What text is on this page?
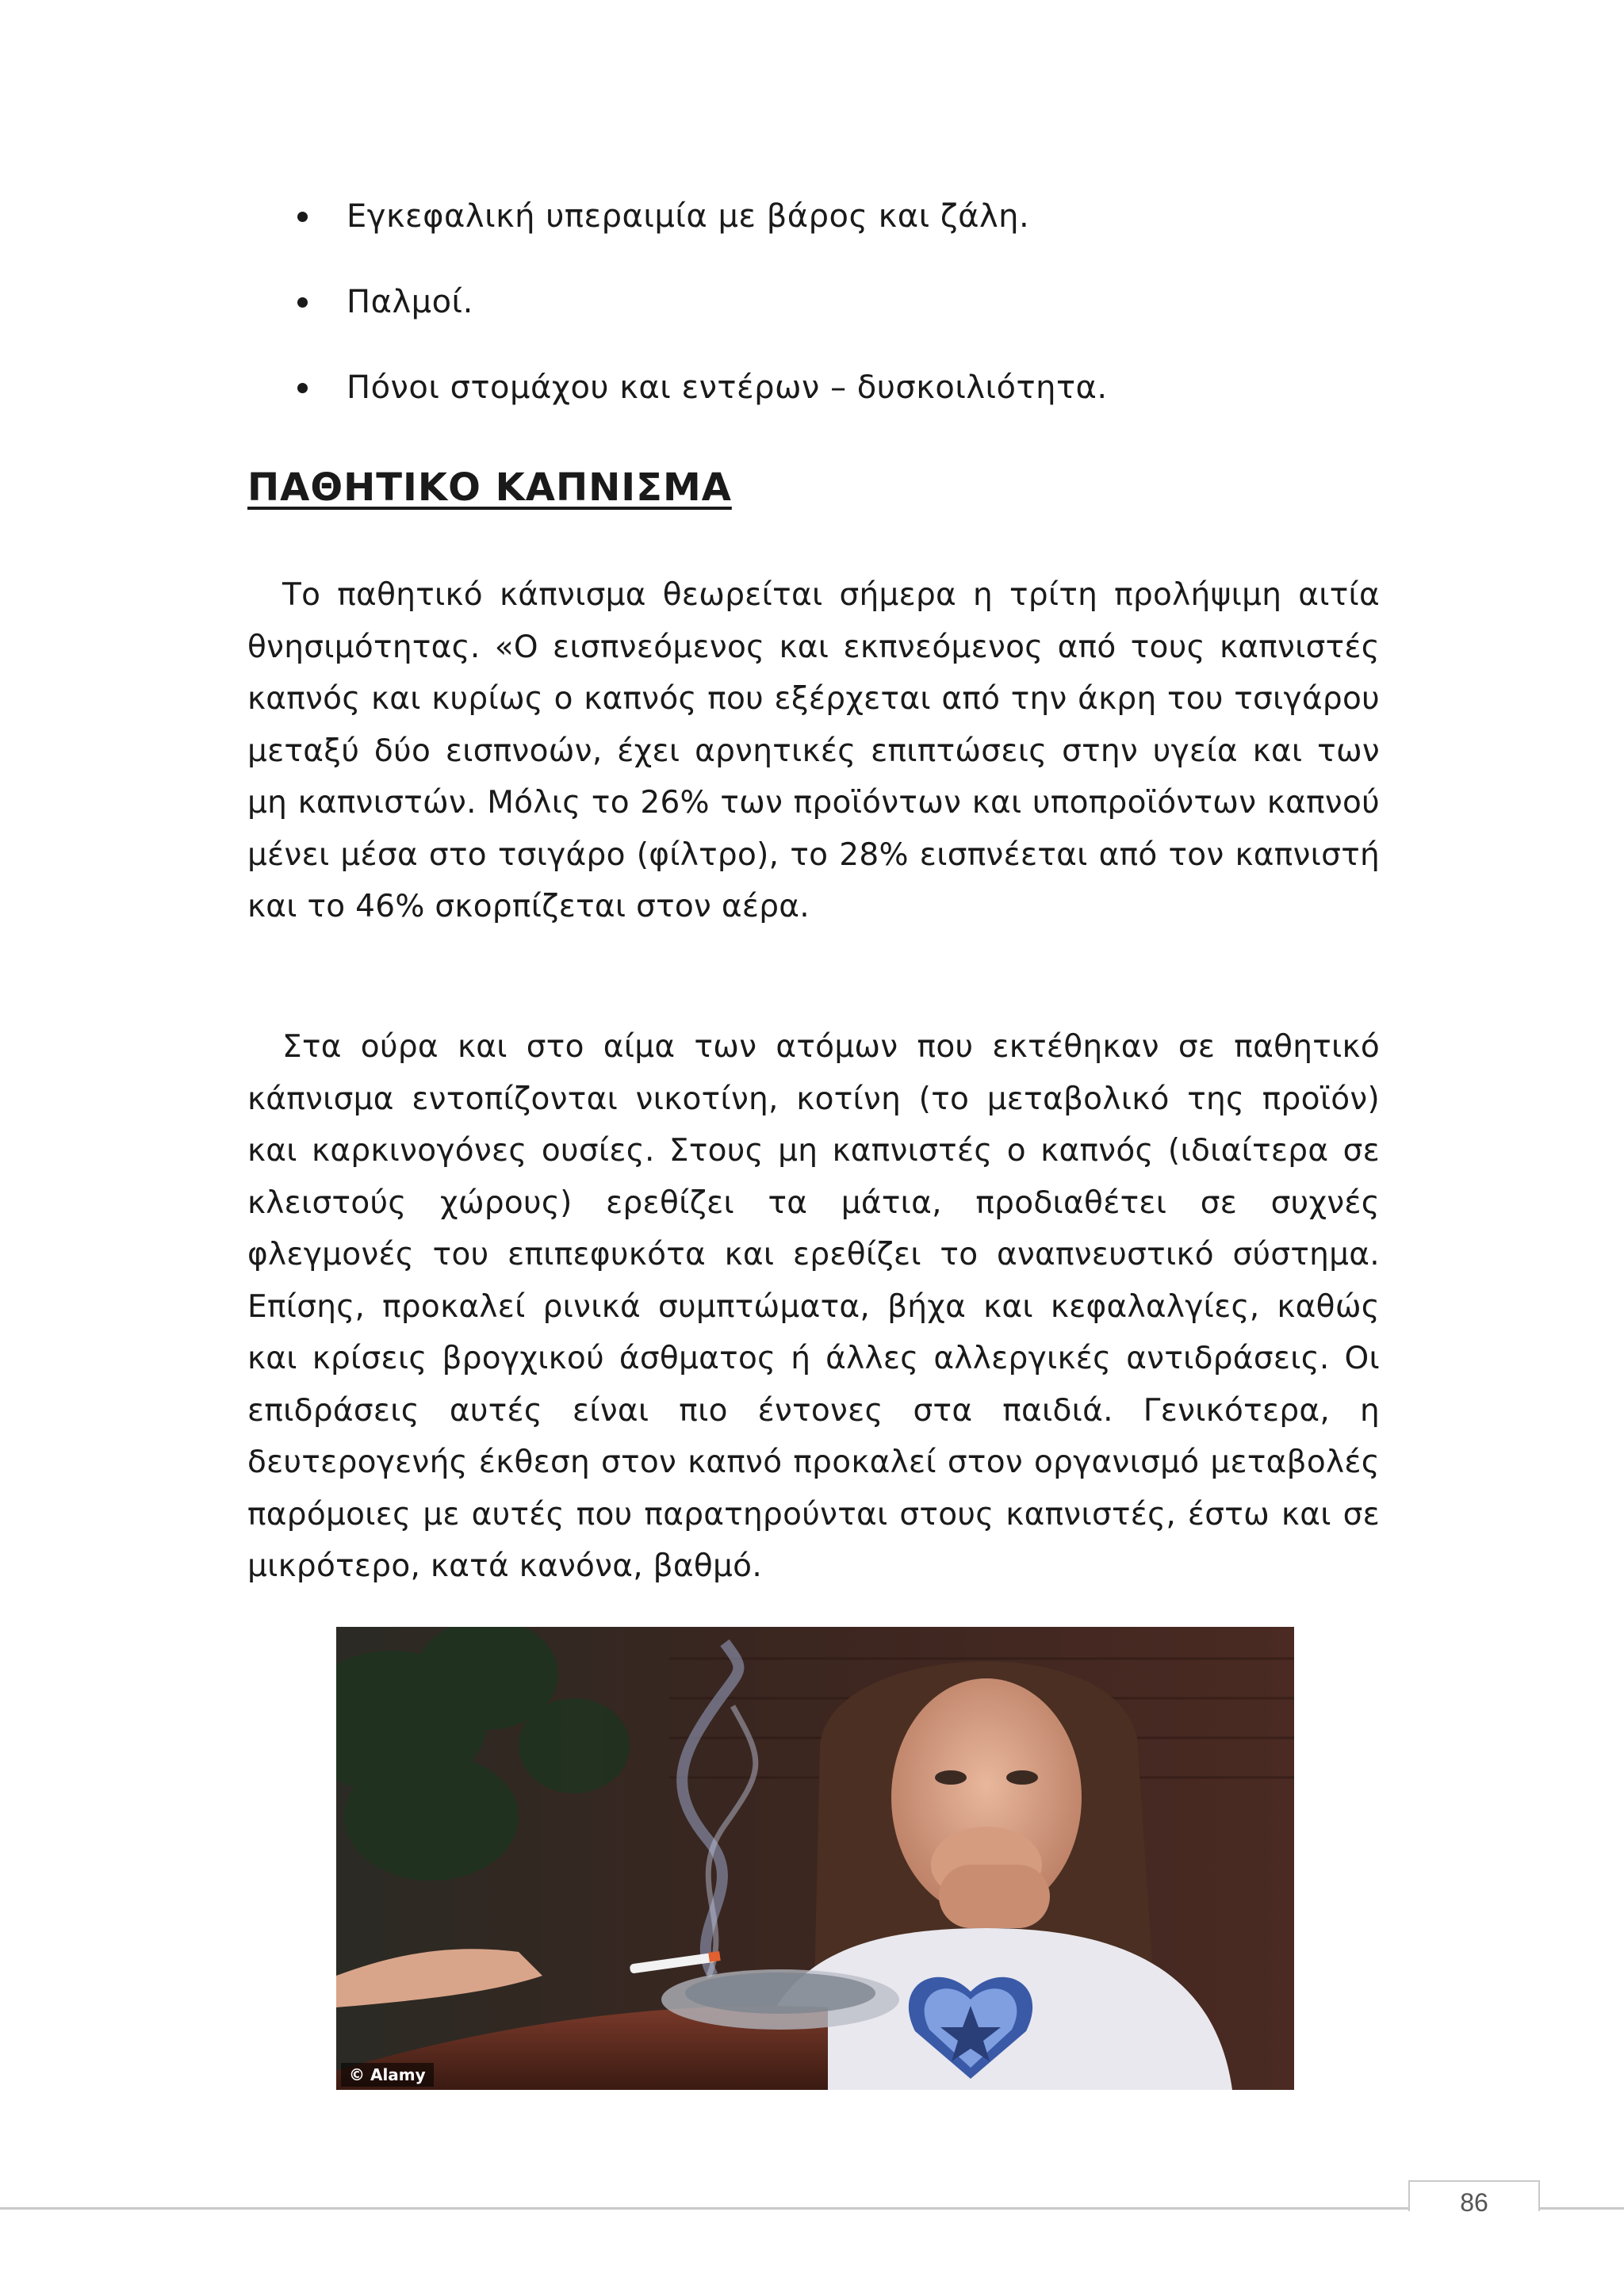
Εγκεφαλική υπεραιμία με βάρος και ζάλη.
Παλμοί.
Πόνοι στομάχου και εντέρων – δυσκοιλιότητα.
ΠΑΘΗΤΙΚΟ ΚΑΠΝΙΣΜΑ

Το παθητικό κάπνισμα θεωρείται σήμερα η τρίτη προλήψιμη αιτία θνησιμότητας. «Ο εισπνεόμενος και εκπνεόμενος από τους καπνιστές καπνός και κυρίως ο καπνός που εξέρχεται από την άκρη του τσιγάρου μεταξύ δύο εισπνοών, έχει αρνητικές επιπτώσεις στην υγεία και των μη καπνιστών. Μόλις το 26% των προϊόντων και υποπροϊόντων καπνού μένει μέσα στο τσιγάρο (φίλτρο), το 28% εισπνέεται από τον καπνιστή και το 46% σκορπίζεται στον αέρα.

Στα ούρα και στο αίμα των ατόμων που εκτέθηκαν σε παθητικό κάπνισμα εντοπίζονται νικοτίνη, κοτίνη (το μεταβολικό της προϊόν) και καρκινογόνες ουσίες. Στους μη καπνιστές ο καπνός (ιδιαίτερα σε κλειστούς χώρους) ερεθίζει τα μάτια, προδιαθέτει σε συχνές φλεγμονές του επιπεφυκότα και ερεθίζει το αναπνευστικό σύστημα. Επίσης, προκαλεί ρινικά συμπτώματα, βήχα και κεφαλαλγίες, καθώς και κρίσεις βρογχικού άσθματος ή άλλες αλλεργικές αντιδράσεις. Οι επιδράσεις αυτές είναι πιο έντονες στα παιδιά. Γενικότερα, η δευτερογενής έκθεση στον καπνό προκαλεί στον οργανισμό μεταβολές παρόμοιες με αυτές που παρατηρούνται στους καπνιστές, έστω και σε μικρότερο, κατά κανόνα, βαθμό.

© Alamy
86
